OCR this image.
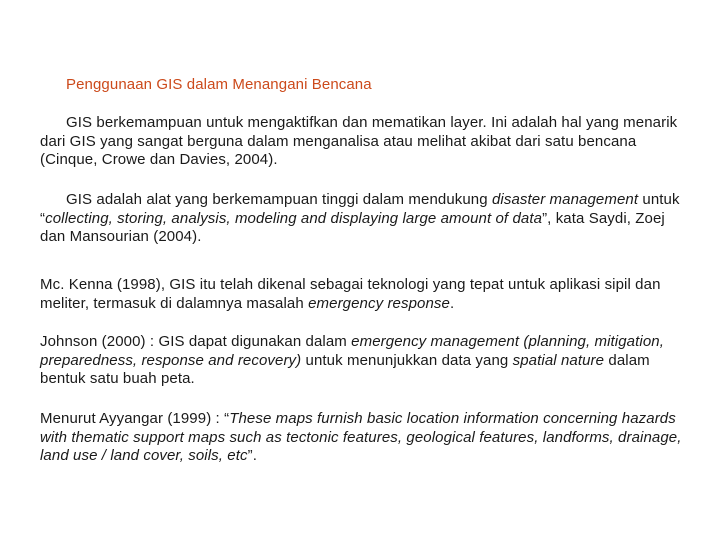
Penggunaan GIS dalam Menangani Bencana

GIS berkemampuan untuk mengaktifkan dan mematikan layer. Ini adalah hal yang menarik dari GIS yang sangat berguna dalam menganalisa atau melihat akibat dari satu bencana (Cinque, Crowe dan Davies, 2004).

GIS adalah alat yang berkemampuan tinggi dalam mendukung disaster management untuk “collecting, storing, analysis, modeling and displaying large amount of data”, kata Saydi, Zoej dan Mansourian (2004).

Mc. Kenna (1998), GIS itu telah dikenal sebagai teknologi yang tepat untuk aplikasi sipil dan meliter, termasuk di dalamnya masalah emergency response.

Johnson (2000) : GIS dapat digunakan dalam emergency management (planning, mitigation, preparedness, response and recovery) untuk menunjukkan data yang spatial nature dalam bentuk satu buah peta.

Menurut Ayyangar (1999) : “These maps furnish basic location information concerning hazards with thematic support maps such as tectonic features, geological features, landforms, drainage, land use / land cover, soils, etc”.
